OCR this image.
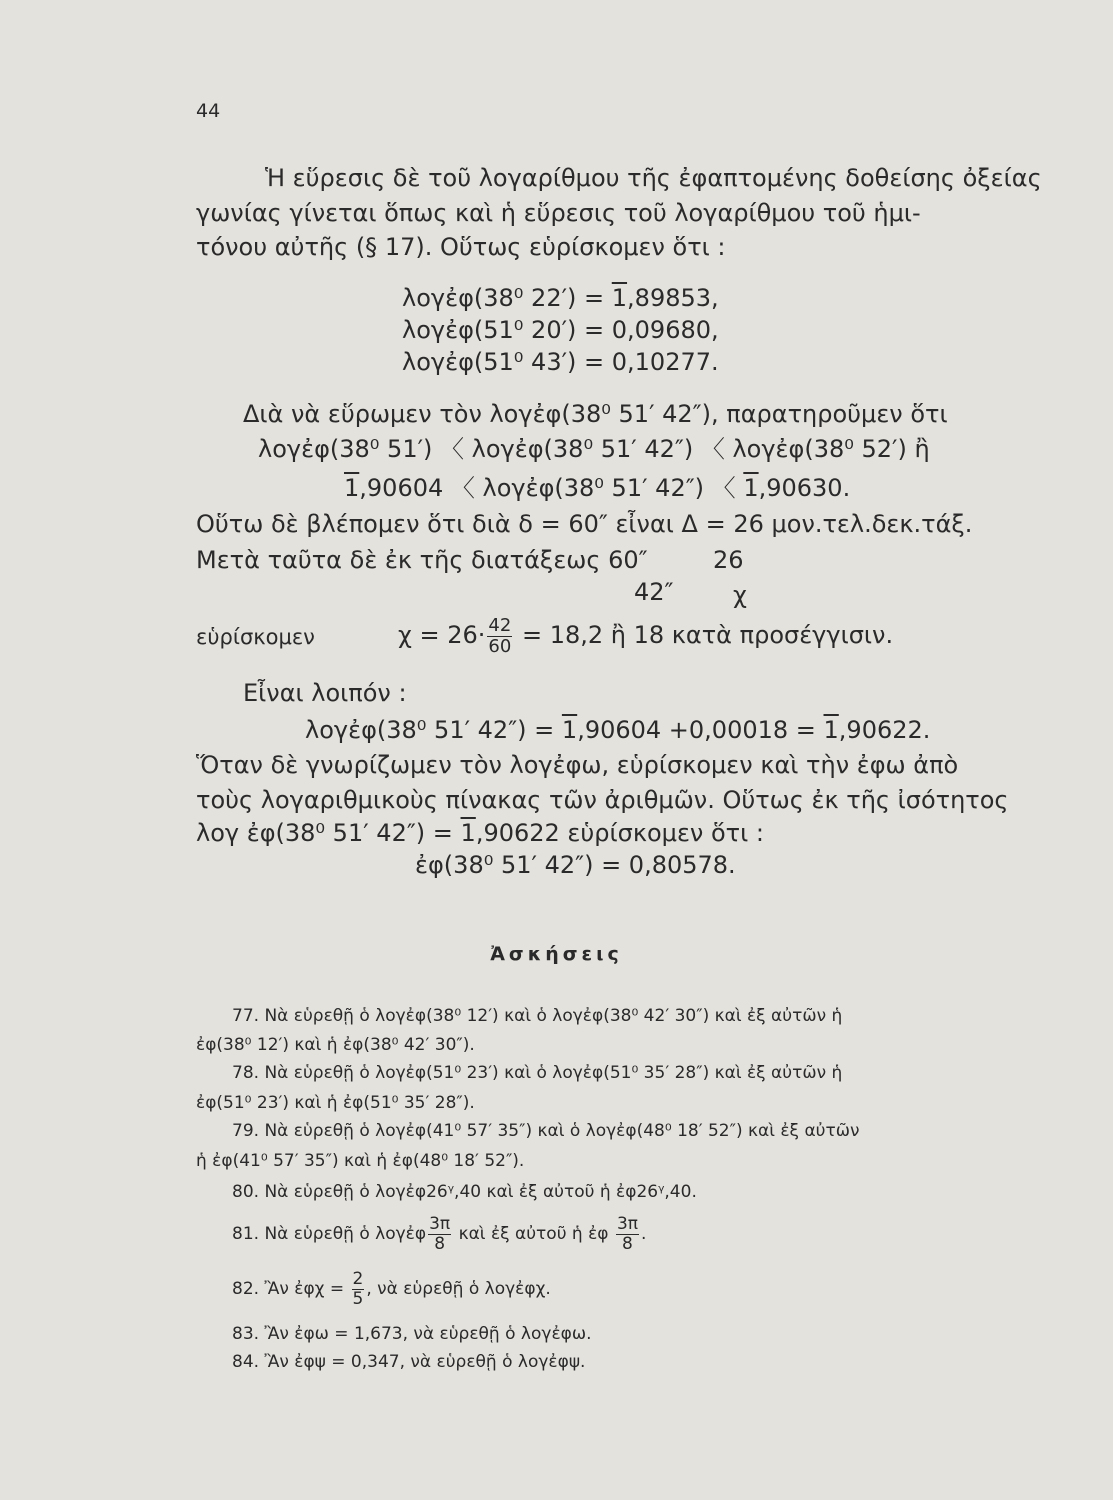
44
Ἡ εὕρεσις δὲ τοῦ λογαρίθμου τῆς ἐφαπτομένης δοθείσης ὀξείας
γωνίας γίνεται ὅπως καὶ ἡ εὕρεσις τοῦ λογαρίθμου τοῦ ἡμι-
τόνου αὐτῆς (§ 17). Οὕτως εὑρίσκομεν ὅτι :
λογἐφ(38⁰ 22′) = 1,89853,
λογἐφ(51⁰ 20′) = 0,09680,
λογἐφ(51⁰ 43′) = 0,10277.
Διὰ νὰ εὕρωμεν τὸν λογἐφ(38⁰ 51′ 42″), παρατηροῦμεν ὅτι
λογἐφ(38⁰ 51′) 〈 λογἐφ(38⁰ 51′ 42″) 〈 λογἐφ(38⁰ 52′) ἢ
1,90604 〈 λογἐφ(38⁰ 51′ 42″) 〈 1,90630.
Οὕτω δὲ βλέπομεν ὅτι διὰ δ = 60″ εἶναι Δ = 26 μον.τελ.δεκ.τάξ.
Μετὰ ταῦτα δὲ ἐκ τῆς διατάξεως 60″	26
42″ χ
εὑρίσκομεν	$\chi = 26\cdot \frac{42}{60} = 18,2$ ἢ 18 κατὰ προσέγγισιν.
Εἶναι λοιπόν :
λογἐφ(38⁰ 51′ 42″) = 1,90604 +0,00018 = 1,90622.
Ὅταν δὲ γνωρίζωμεν τὸν λογἐφω, εὑρίσκομεν καὶ τὴν ἐφω ἀπὸ
τοὺς λογαριθμικοὺς πίνακας τῶν ἀριθμῶν. Οὕτως ἐκ τῆς ἰσότητος
λογ ἐφ(38⁰ 51′ 42″) = 1,90622 εὑρίσκομεν ὅτι :
ἐφ(38⁰ 51′ 42″) = 0,80578.
Ἀσκήσεις
77. Νὰ εὑρεθῇ ὁ λογἐφ(38⁰ 12′) καὶ ὁ λογἐφ(38⁰ 42′ 30″) καὶ ἐξ αὐτῶν ἡ
ἐφ(38⁰ 12′) καὶ ἡ ἐφ(38⁰ 42′ 30″).
78. Νὰ εὑρεθῇ ὁ λογἐφ(51⁰ 23′) καὶ ὁ λογἐφ(51⁰ 35′ 28″) καὶ ἐξ αὐτῶν ἡ
ἐφ(51⁰ 23′) καὶ ἡ ἐφ(51⁰ 35′ 28″).
79. Νὰ εὑρεθῇ ὁ λογἐφ(41⁰ 57′ 35″) καὶ ὁ λογἐφ(48⁰ 18′ 52″) καὶ ἐξ αὐτῶν
ἡ ἐφ(41⁰ 57′ 35″) καὶ ἡ ἐφ(48⁰ 18′ 52″).
80. Νὰ εὑρεθῇ ὁ λογἐφ26ᵞ,40 καὶ ἐξ αὐτοῦ ἡ ἐφ26ᵞ,40.
81. Νὰ εὑρεθῇ ὁ λογἐφ $\frac{3\pi}{8}$ καὶ ἐξ αὐτοῦ ἡ ἐφ $\frac{3\pi}{8}$ .
82. Ἂν ἐφχ = $\frac{2}{5}$ , νὰ εὑρεθῇ ὁ λογἐφχ.
83. Ἂν ἐφω = 1,673, νὰ εὑρεθῇ ὁ λογἐφω.
84. Ἂν ἐφψ = 0,347, νὰ εὑρεθῇ ὁ λογἐφψ.
